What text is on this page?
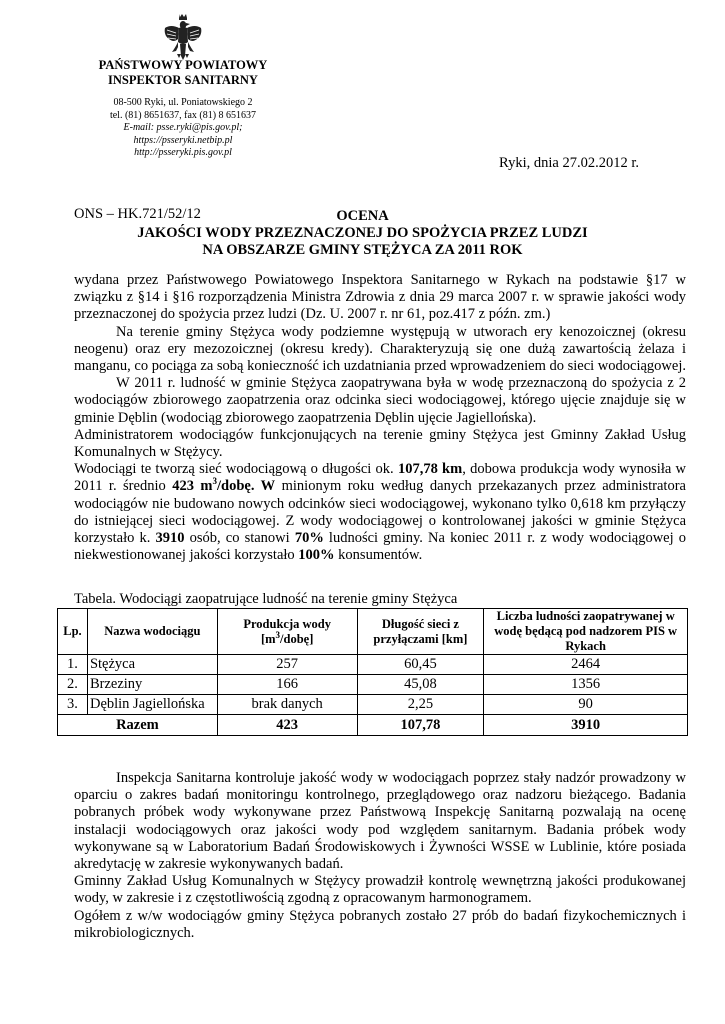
PAŃSTWOWY POWIATOWY
INSPEKTOR SANITARNY
08-500 Ryki, ul. Poniatowskiego 2
tel. (81) 8651637, fax (81) 8 651637
E-mail: psse.ryki@pis.gov.pl;
https://psseryki.netbip.pl
http://psseryki.pis.gov.pl
Ryki, dnia 27.02.2012 r.
ONS – HK.721/52/12	OCENA
JAKOŚCI WODY PRZEZNACZONEJ DO SPOŻYCIA PRZEZ LUDZI
NA OBSZARZE GMINY STĘŻYCA ZA 2011 ROK

wydana przez Państwowego Powiatowego Inspektora Sanitarnego w Rykach na podstawie §17 w związku z §14 i §16 rozporządzenia Ministra Zdrowia z dnia 29 marca 2007 r. w sprawie jakości wody przeznaczonej do spożycia przez ludzi (Dz. U. 2007 r. nr 61, poz.417 z późn. zm.)

Na terenie gminy Stężyca wody podziemne występują w utworach ery kenozoicznej (okresu neogenu) oraz ery mezozoicznej (okresu kredy). Charakteryzują się one dużą zawartością żelaza i manganu, co pociąga za sobą konieczność ich uzdatniania przed wprowadzeniem do sieci wodociągowej.

W 2011 r. ludność w gminie Stężyca zaopatrywana była w wodę przeznaczoną do spożycia z 2 wodociągów zbiorowego zaopatrzenia oraz odcinka sieci wodociągowej, którego ujęcie znajduje się w gminie Dęblin (wodociąg zbiorowego zaopatrzenia Dęblin ujęcie Jagiellońska).

Administratorem wodociągów funkcjonujących na terenie gminy Stężyca jest Gminny Zakład Usług Komunalnych w Stężycy.

Wodociągi te tworzą sieć wodociągową o długości ok. 107,78 km, dobowa produkcja wody wynosiła w 2011 r. średnio 423 $m^3$/dobę. W minionym roku według danych przekazanych przez administratora wodociągów nie budowano nowych odcinków sieci wodociągowej, wykonano tylko 0,618 km przyłączy do istniejącej sieci wodociągowej. Z wody wodociągowej o kontrolowanej jakości w gminie Stężyca korzystało k. 3910 osób, co stanowi 70% ludności gminy. Na koniec 2011 r. z wody wodociągowej o niekwestionowanej jakości korzystało 100% konsumentów.

Tabela. Wodociągi zaopatrujące ludność na terenie gminy Stężyca
Lp.	Nazwa wodociągu	Produkcja wody
$[m^3/dobę]$	Długość sieci z przyłączami [km]	Liczba ludności zaopatrywanej w wodę będącą pod nadzorem PIS w Rykach
1.	Stężyca	257	60,45	2464
2.	Brzeziny	166	45,08	1356
3.	Dęblin Jagiellońska	brak danych	2,25	90
Razem		423	107,78	3910

Inspekcja Sanitarna kontroluje jakość wody w wodociągach poprzez stały nadzór prowadzony w oparciu o zakres badań monitoringu kontrolnego, przeglądowego oraz nadzoru bieżącego. Badania pobranych próbek wody wykonywane przez Państwową Inspekcję Sanitarną pozwalają na ocenę instalacji wodociągowych oraz jakości wody pod względem sanitarnym. Badania próbek wody wykonywane są w Laboratorium Badań Środowiskowych i Żywności WSSE w Lublinie, które posiada akredytację w zakresie wykonywanych badań.

Gminny Zakład Usług Komunalnych w Stężycy prowadził kontrolę wewnętrzną jakości produkowanej wody, w zakresie i z częstotliwością zgodną z opracowanym harmonogramem.

Ogółem z w/w wodociągów gminy Stężyca pobranych zostało 27 prób do badań fizykochemicznych i mikrobiologicznych.
